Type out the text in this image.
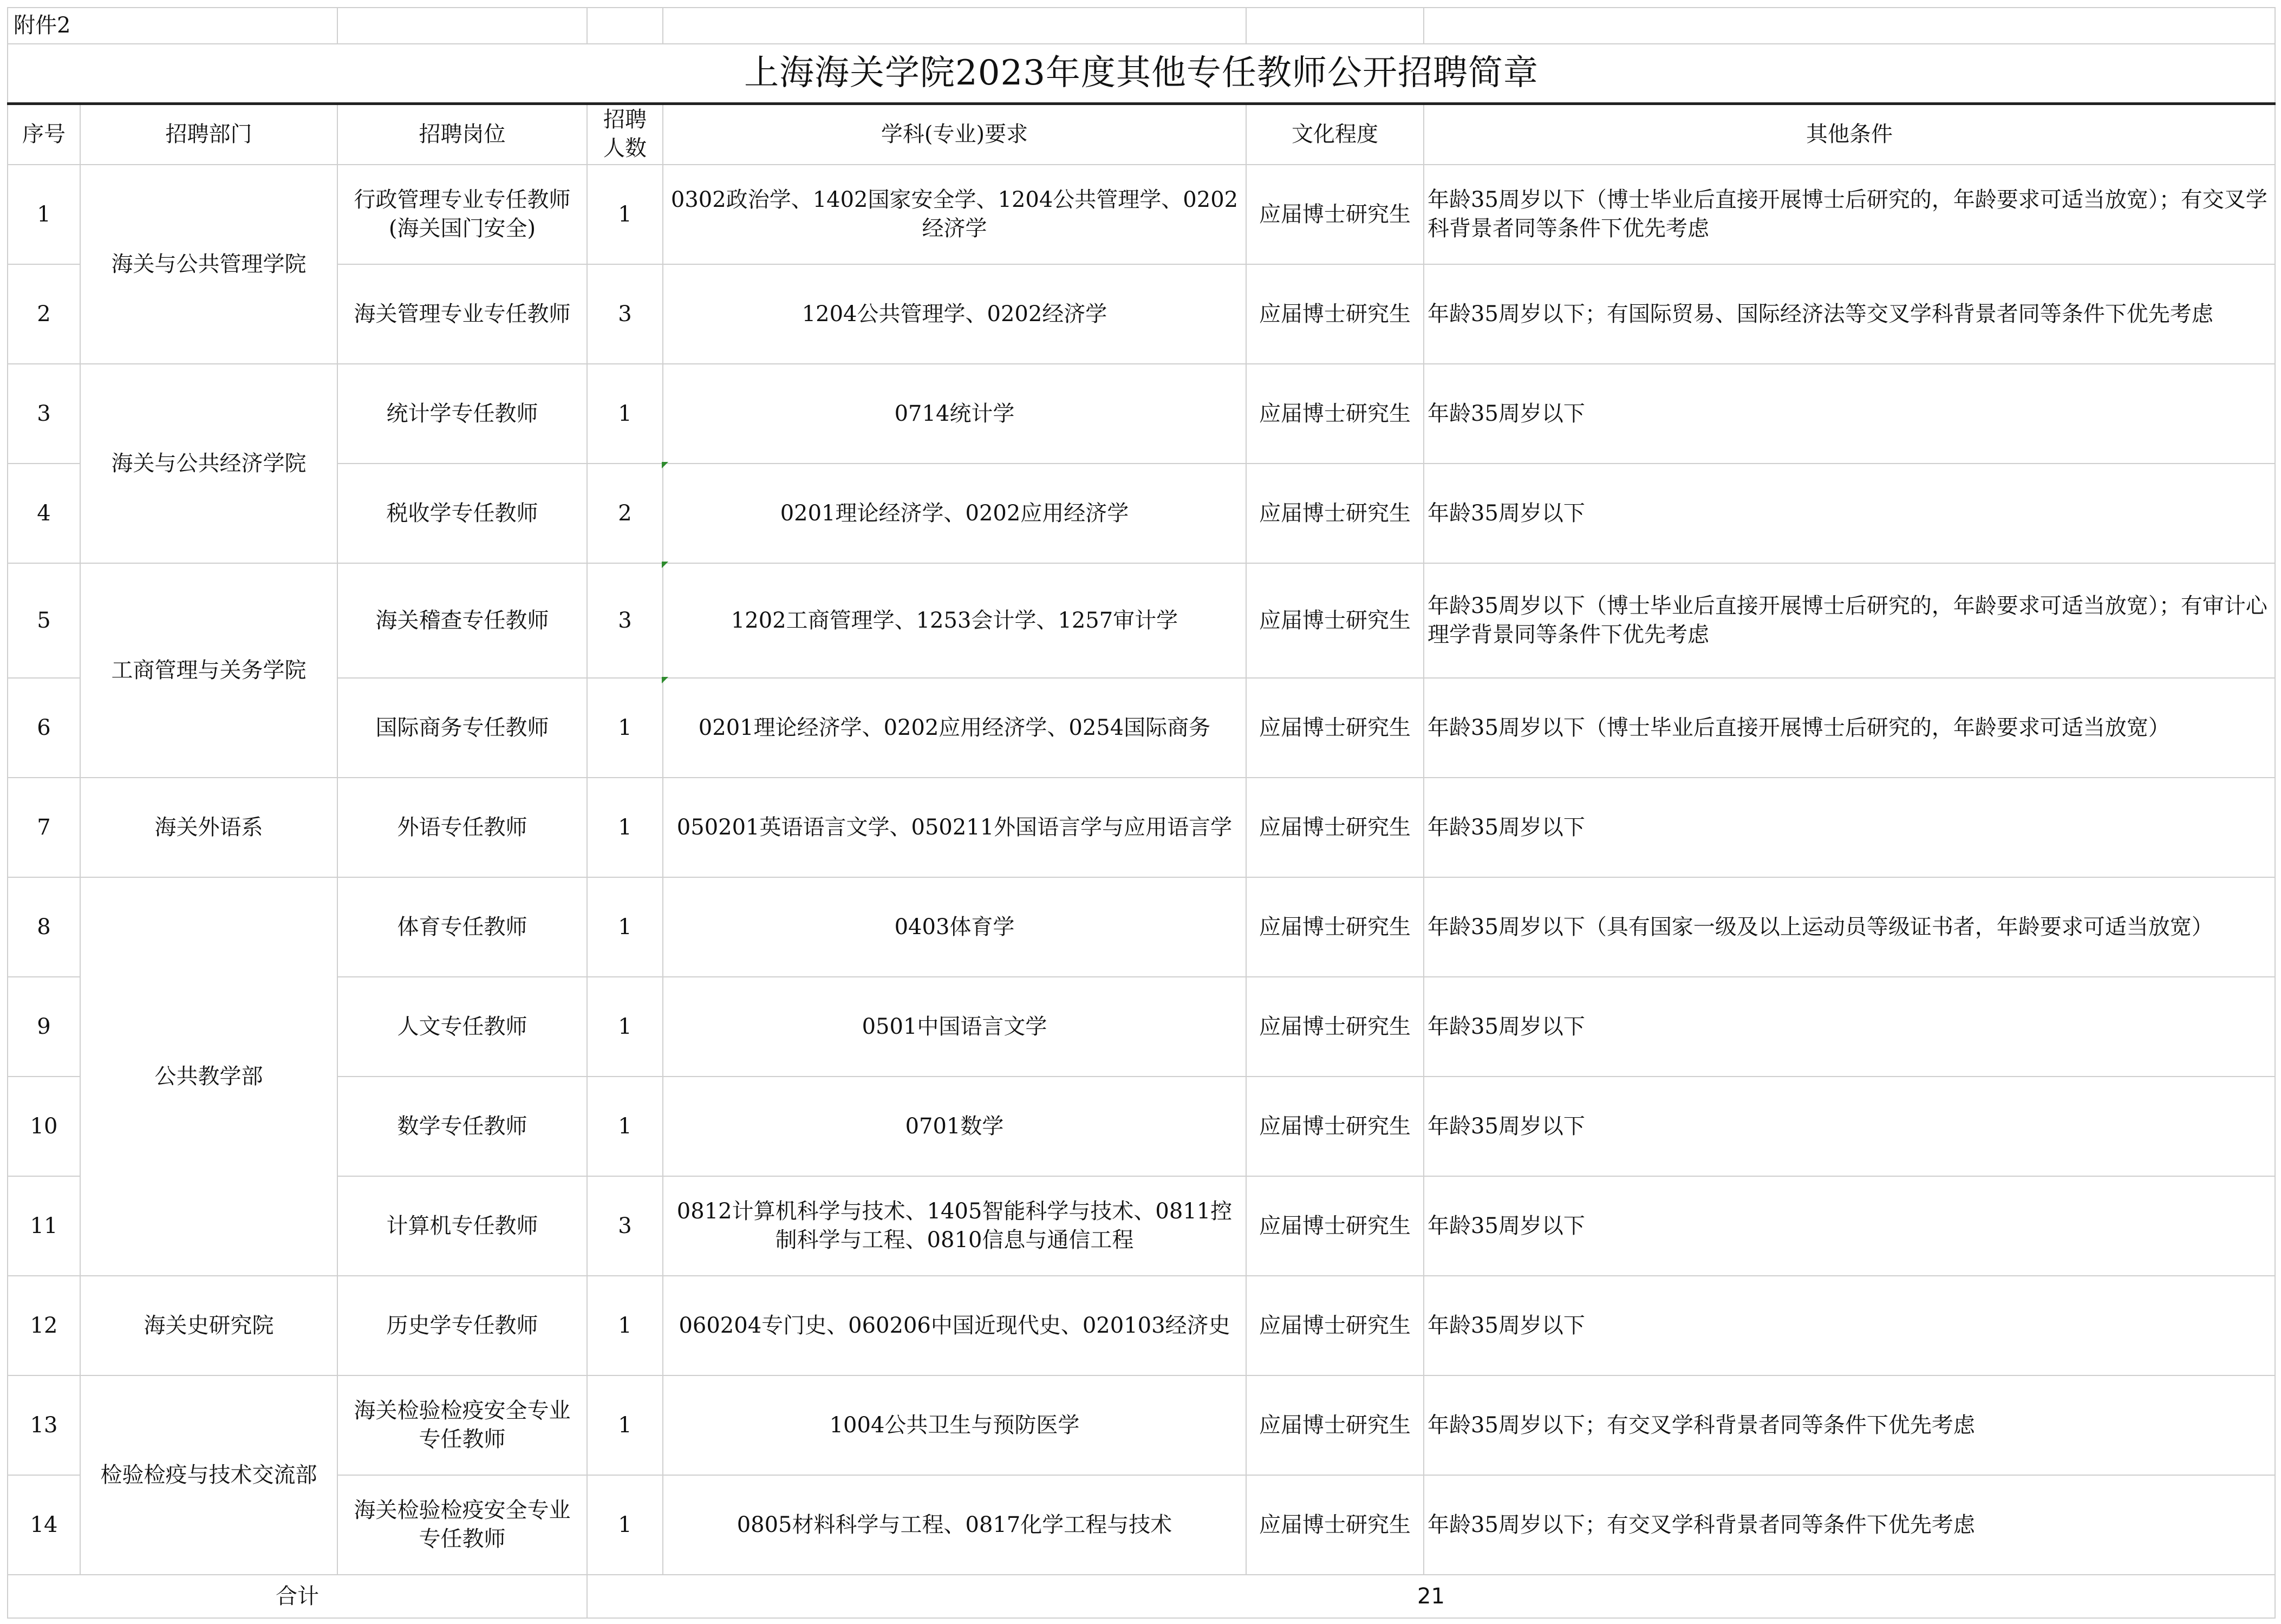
附件2						
上海海关学院2023年度其他专任教师公开招聘简章						
序号	招聘部门	招聘岗位	招聘人数	学科(专业)要求	文化程度	其他条件
1	海关与公共管理学院	行政管理专业专任教师(海关国门安全)	1	0302政治学、1402国家安全学、1204公共管理学、0202经济学	应届博士研究生	年龄35周岁以下（博士毕业后直接开展博士后研究的，年龄要求可适当放宽）；有交叉学科背景者同等条件下优先考虑
2		海关管理专业专任教师	3	1204公共管理学、0202经济学	应届博士研究生	年龄35周岁以下；有国际贸易、国际经济法等交叉学科背景者同等条件下优先考虑
3	海关与公共经济学院	统计学专任教师	1	0714统计学	应届博士研究生	年龄35周岁以下
4		税收学专任教师	2	0201理论经济学、0202应用经济学	应届博士研究生	年龄35周岁以下
5	工商管理与关务学院	海关稽查专任教师	3	1202工商管理学、1253会计学、1257审计学	应届博士研究生	年龄35周岁以下（博士毕业后直接开展博士后研究的，年龄要求可适当放宽）；有审计心理学背景同等条件下优先考虑
6		国际商务专任教师	1	0201理论经济学、0202应用经济学、0254国际商务	应届博士研究生	年龄35周岁以下（博士毕业后直接开展博士后研究的，年龄要求可适当放宽）
7	海关外语系	外语专任教师	1	050201英语语言文学、050211外国语言学与应用语言学	应届博士研究生	年龄35周岁以下
8	公共教学部	体育专任教师	1	0403体育学	应届博士研究生	年龄35周岁以下（具有国家一级及以上运动员等级证书者，年龄要求可适当放宽）
9		人文专任教师	1	0501中国语言文学	应届博士研究生	年龄35周岁以下
10		数学专任教师	1	0701数学	应届博士研究生	年龄35周岁以下
11		计算机专任教师	3	0812计算机科学与技术、1405智能科学与技术、0811控制科学与工程、0810信息与通信工程	应届博士研究生	年龄35周岁以下
12	海关史研究院	历史学专任教师	1	060204专门史、060206中国近现代史、020103经济史	应届博士研究生	年龄35周岁以下
13	检验检疫与技术交流部	海关检验检疫安全专业专任教师	1	1004公共卫生与预防医学	应届博士研究生	年龄35周岁以下；有交叉学科背景者同等条件下优先考虑
14		海关检验检疫安全专业专任教师	1	0805材料科学与工程、0817化学工程与技术	应届博士研究生	年龄35周岁以下；有交叉学科背景者同等条件下优先考虑
合计			21			
